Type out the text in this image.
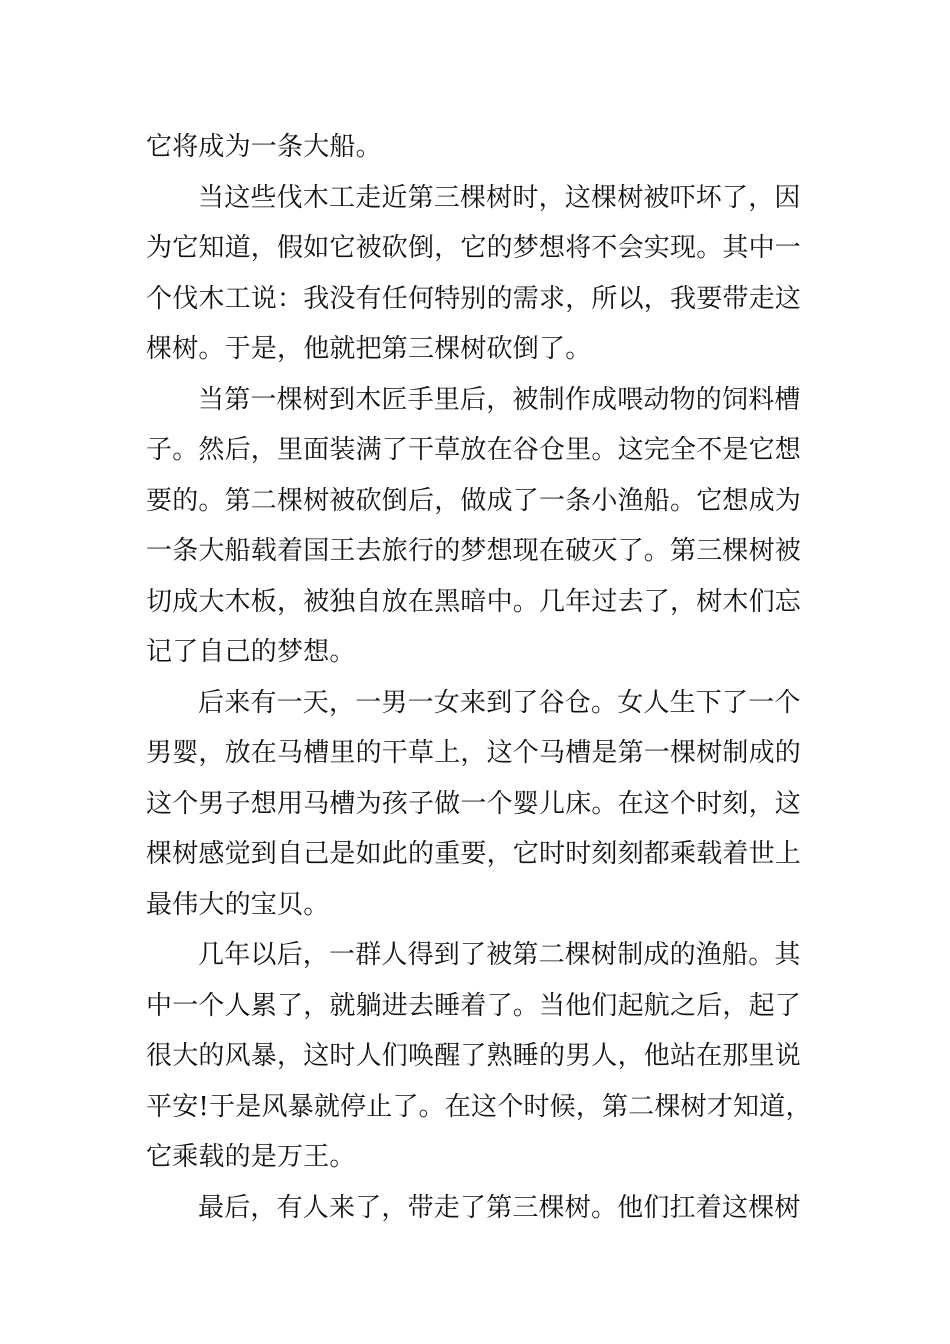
它将成为一条大船。

当这些伐木工走近第三棵树时，这棵树被吓坏了，因
为它知道，假如它被砍倒，它的梦想将不会实现。其中一
个伐木工说：我没有任何特别的需求，所以，我要带走这
棵树。于是，他就把第三棵树砍倒了。

当第一棵树到木匠手里后，被制作成喂动物的饲料槽
子。然后，里面装满了干草放在谷仓里。这完全不是它想
要的。第二棵树被砍倒后，做成了一条小渔船。它想成为
一条大船载着国王去旅行的梦想现在破灭了。第三棵树被
切成大木板，被独自放在黑暗中。几年过去了，树木们忘
记了自己的梦想。

后来有一天，一男一女来到了谷仓。女人生下了一个
男婴，放在马槽里的干草上，这个马槽是第一棵树制成的
这个男子想用马槽为孩子做一个婴儿床。在这个时刻，这
棵树感觉到自己是如此的重要，它时时刻刻都乘载着世上
最伟大的宝贝。

几年以后，一群人得到了被第二棵树制成的渔船。其
中一个人累了，就躺进去睡着了。当他们起航之后，起了
很大的风暴，这时人们唤醒了熟睡的男人，他站在那里说
平安!于是风暴就停止了。在这个时候，第二棵树才知道，
它乘载的是万王。

最后，有人来了，带走了第三棵树。他们扛着这棵树
